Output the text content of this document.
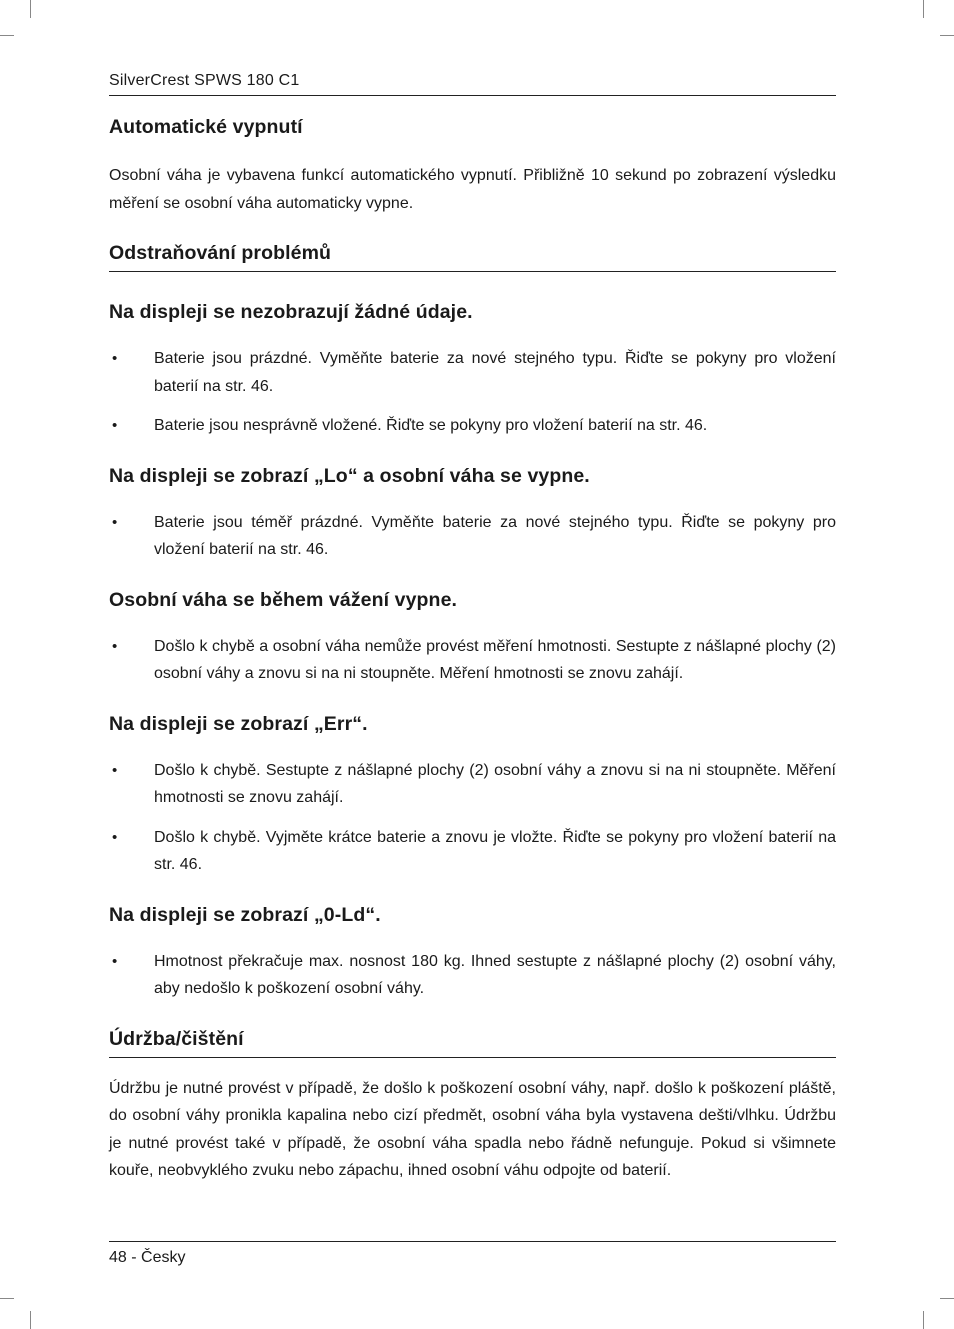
SilverCrest SPWS 180 C1
Automatické vypnutí

Osobní váha je vybavena funkcí automatického vypnutí. Přibližně 10 sekund po zobrazení výsledku měření se osobní váha automaticky vypne.

Odstraňování problémů
Na displeji se nezobrazují žádné údaje.
• Baterie jsou prázdné. Vyměňte baterie za nové stejného typu. Řiďte se pokyny pro vložení baterií na str. 46.
• Baterie jsou nesprávně vložené. Řiďte se pokyny pro vložení baterií na str. 46.
Na displeji se zobrazí „Lo“ a osobní váha se vypne.
• Baterie jsou téměř prázdné. Vyměňte baterie za nové stejného typu. Řiďte se pokyny pro vložení baterií na str. 46.
Osobní váha se během vážení vypne.
• Došlo k chybě a osobní váha nemůže provést měření hmotnosti. Sestupte z nášlapné plochy (2) osobní váhy a znovu si na ni stoupněte. Měření hmotnosti se znovu zahájí.
Na displeji se zobrazí „Err“.
• Došlo k chybě. Sestupte z nášlapné plochy (2) osobní váhy a znovu si na ni stoupněte. Měření hmotnosti se znovu zahájí.
• Došlo k chybě. Vyjměte krátce baterie a znovu je vložte. Řiďte se pokyny pro vložení baterií na str. 46.
Na displeji se zobrazí „0-Ld“.
• Hmotnost překračuje max. nosnost 180 kg. Ihned sestupte z nášlapné plochy (2) osobní váhy, aby nedošlo k poškození osobní váhy.
Údržba/čištění

Údržbu je nutné provést v případě, že došlo k poškození osobní váhy, např. došlo k poškození pláště, do osobní váhy pronikla kapalina nebo cizí předmět, osobní váha byla vystavena dešti/vlhku. Údržbu je nutné provést také v případě, že osobní váha spadla nebo řádně nefunguje. Pokud si všimnete kouře, neobvyklého zvuku nebo zápachu, ihned osobní váhu odpojte od baterií.

48 - Česky
